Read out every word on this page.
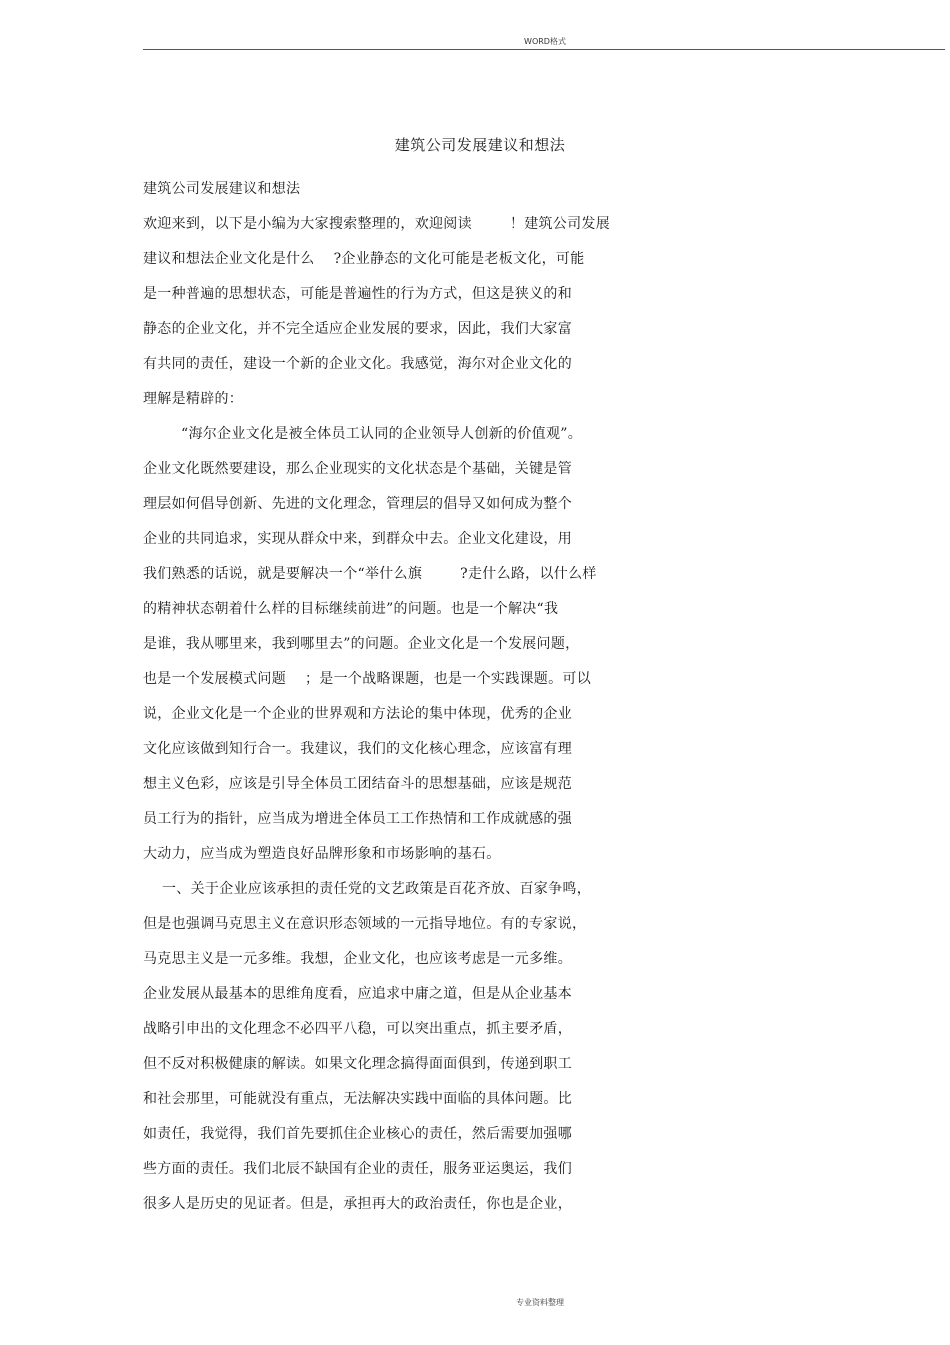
WORD格式
建筑公司发展建议和想法
建筑公司发展建议和想法
欢迎来到，以下是小编为大家搜索整理的，欢迎阅读        ！建筑公司发展
建议和想法企业文化是什么    ?企业静态的文化可能是老板文化，可能
是一种普遍的思想状态，可能是普遍性的行为方式，但这是狭义的和
静态的企业文化，并不完全适应企业发展的要求，因此，我们大家富
有共同的责任，建设一个新的企业文化。我感觉，海尔对企业文化的
理解是精辟的：
“海尔企业文化是被全体员工认同的企业领导人创新的价值观”。
企业文化既然要建设，那么企业现实的文化状态是个基础，关键是管
理层如何倡导创新、先进的文化理念，管理层的倡导又如何成为整个
企业的共同追求，实现从群众中来，到群众中去。企业文化建设，用
我们熟悉的话说，就是要解决一个“举什么旗        ?走什么路，以什么样
的精神状态朝着什么样的目标继续前进”的问题。也是一个解决“我
是谁，我从哪里来，我到哪里去”的问题。企业文化是一个发展问题，
也是一个发展模式问题    ；是一个战略课题，也是一个实践课题。可以
说，企业文化是一个企业的世界观和方法论的集中体现，优秀的企业
文化应该做到知行合一。我建议，我们的文化核心理念，应该富有理
想主义色彩，应该是引导全体员工团结奋斗的思想基础，应该是规范
员工行为的指针，应当成为增进全体员工工作热情和工作成就感的强
大动力，应当成为塑造良好品牌形象和市场影响的基石。
一、关于企业应该承担的责任党的文艺政策是百花齐放、百家争鸣，
但是也强调马克思主义在意识形态领域的一元指导地位。有的专家说，
马克思主义是一元多维。我想，企业文化，也应该考虑是一元多维。
企业发展从最基本的思维角度看，应追求中庸之道，但是从企业基本
战略引申出的文化理念不必四平八稳，可以突出重点，抓主要矛盾，
但不反对积极健康的解读。如果文化理念搞得面面俱到，传递到职工
和社会那里，可能就没有重点，无法解决实践中面临的具体问题。比
如责任，我觉得，我们首先要抓住企业核心的责任，然后需要加强哪
些方面的责任。我们北辰不缺国有企业的责任，服务亚运奥运，我们
很多人是历史的见证者。但是，承担再大的政治责任，你也是企业，
专业资料整理
